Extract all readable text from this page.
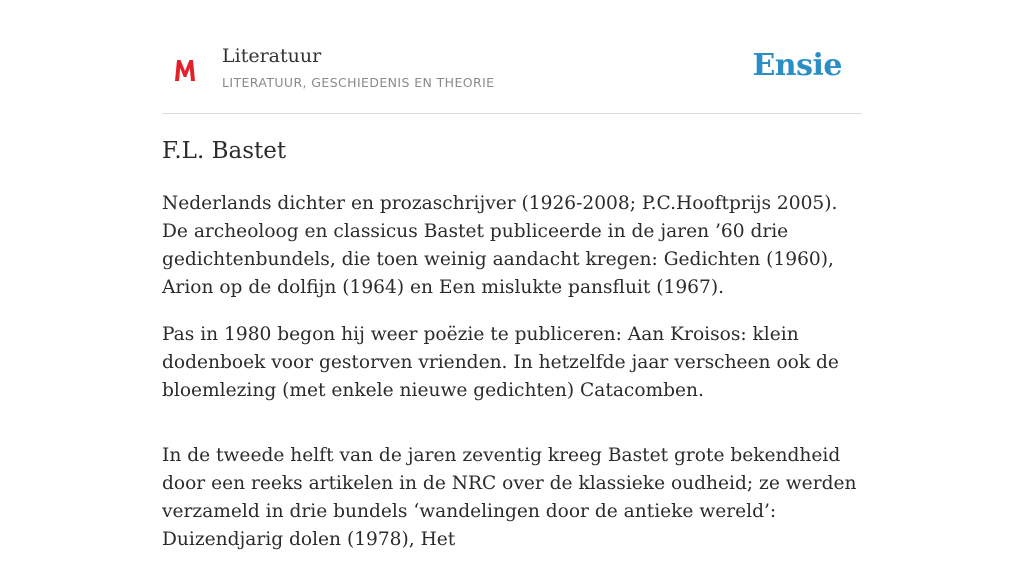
Literatuur
LITERATUUR, GESCHIEDENIS EN THEORIE	Ensie
F.L. Bastet

Nederlands dichter en prozaschrijver (1926-2008; P.C.Hooftprijs 2005). De archeoloog en classicus Bastet publiceerde in de jaren ’60 drie gedichtenbundels, die toen weinig aandacht kregen: Gedichten (1960), Arion op de dolfijn (1964) en Een mislukte pansfluit (1967).

Pas in 1980 begon hij weer poëzie te publiceren: Aan Kroisos: klein dodenboek voor gestorven vrienden. In hetzelfde jaar verscheen ook de bloemlezing (met enkele nieuwe gedichten) Catacomben.

In de tweede helft van de jaren zeventig kreeg Bastet grote bekendheid door een reeks artikelen in de NRC over de klassieke oudheid; ze werden verzameld in drie bundels ‘wandelingen door de antieke wereld’: Duizendjarig dolen (1978), Het
